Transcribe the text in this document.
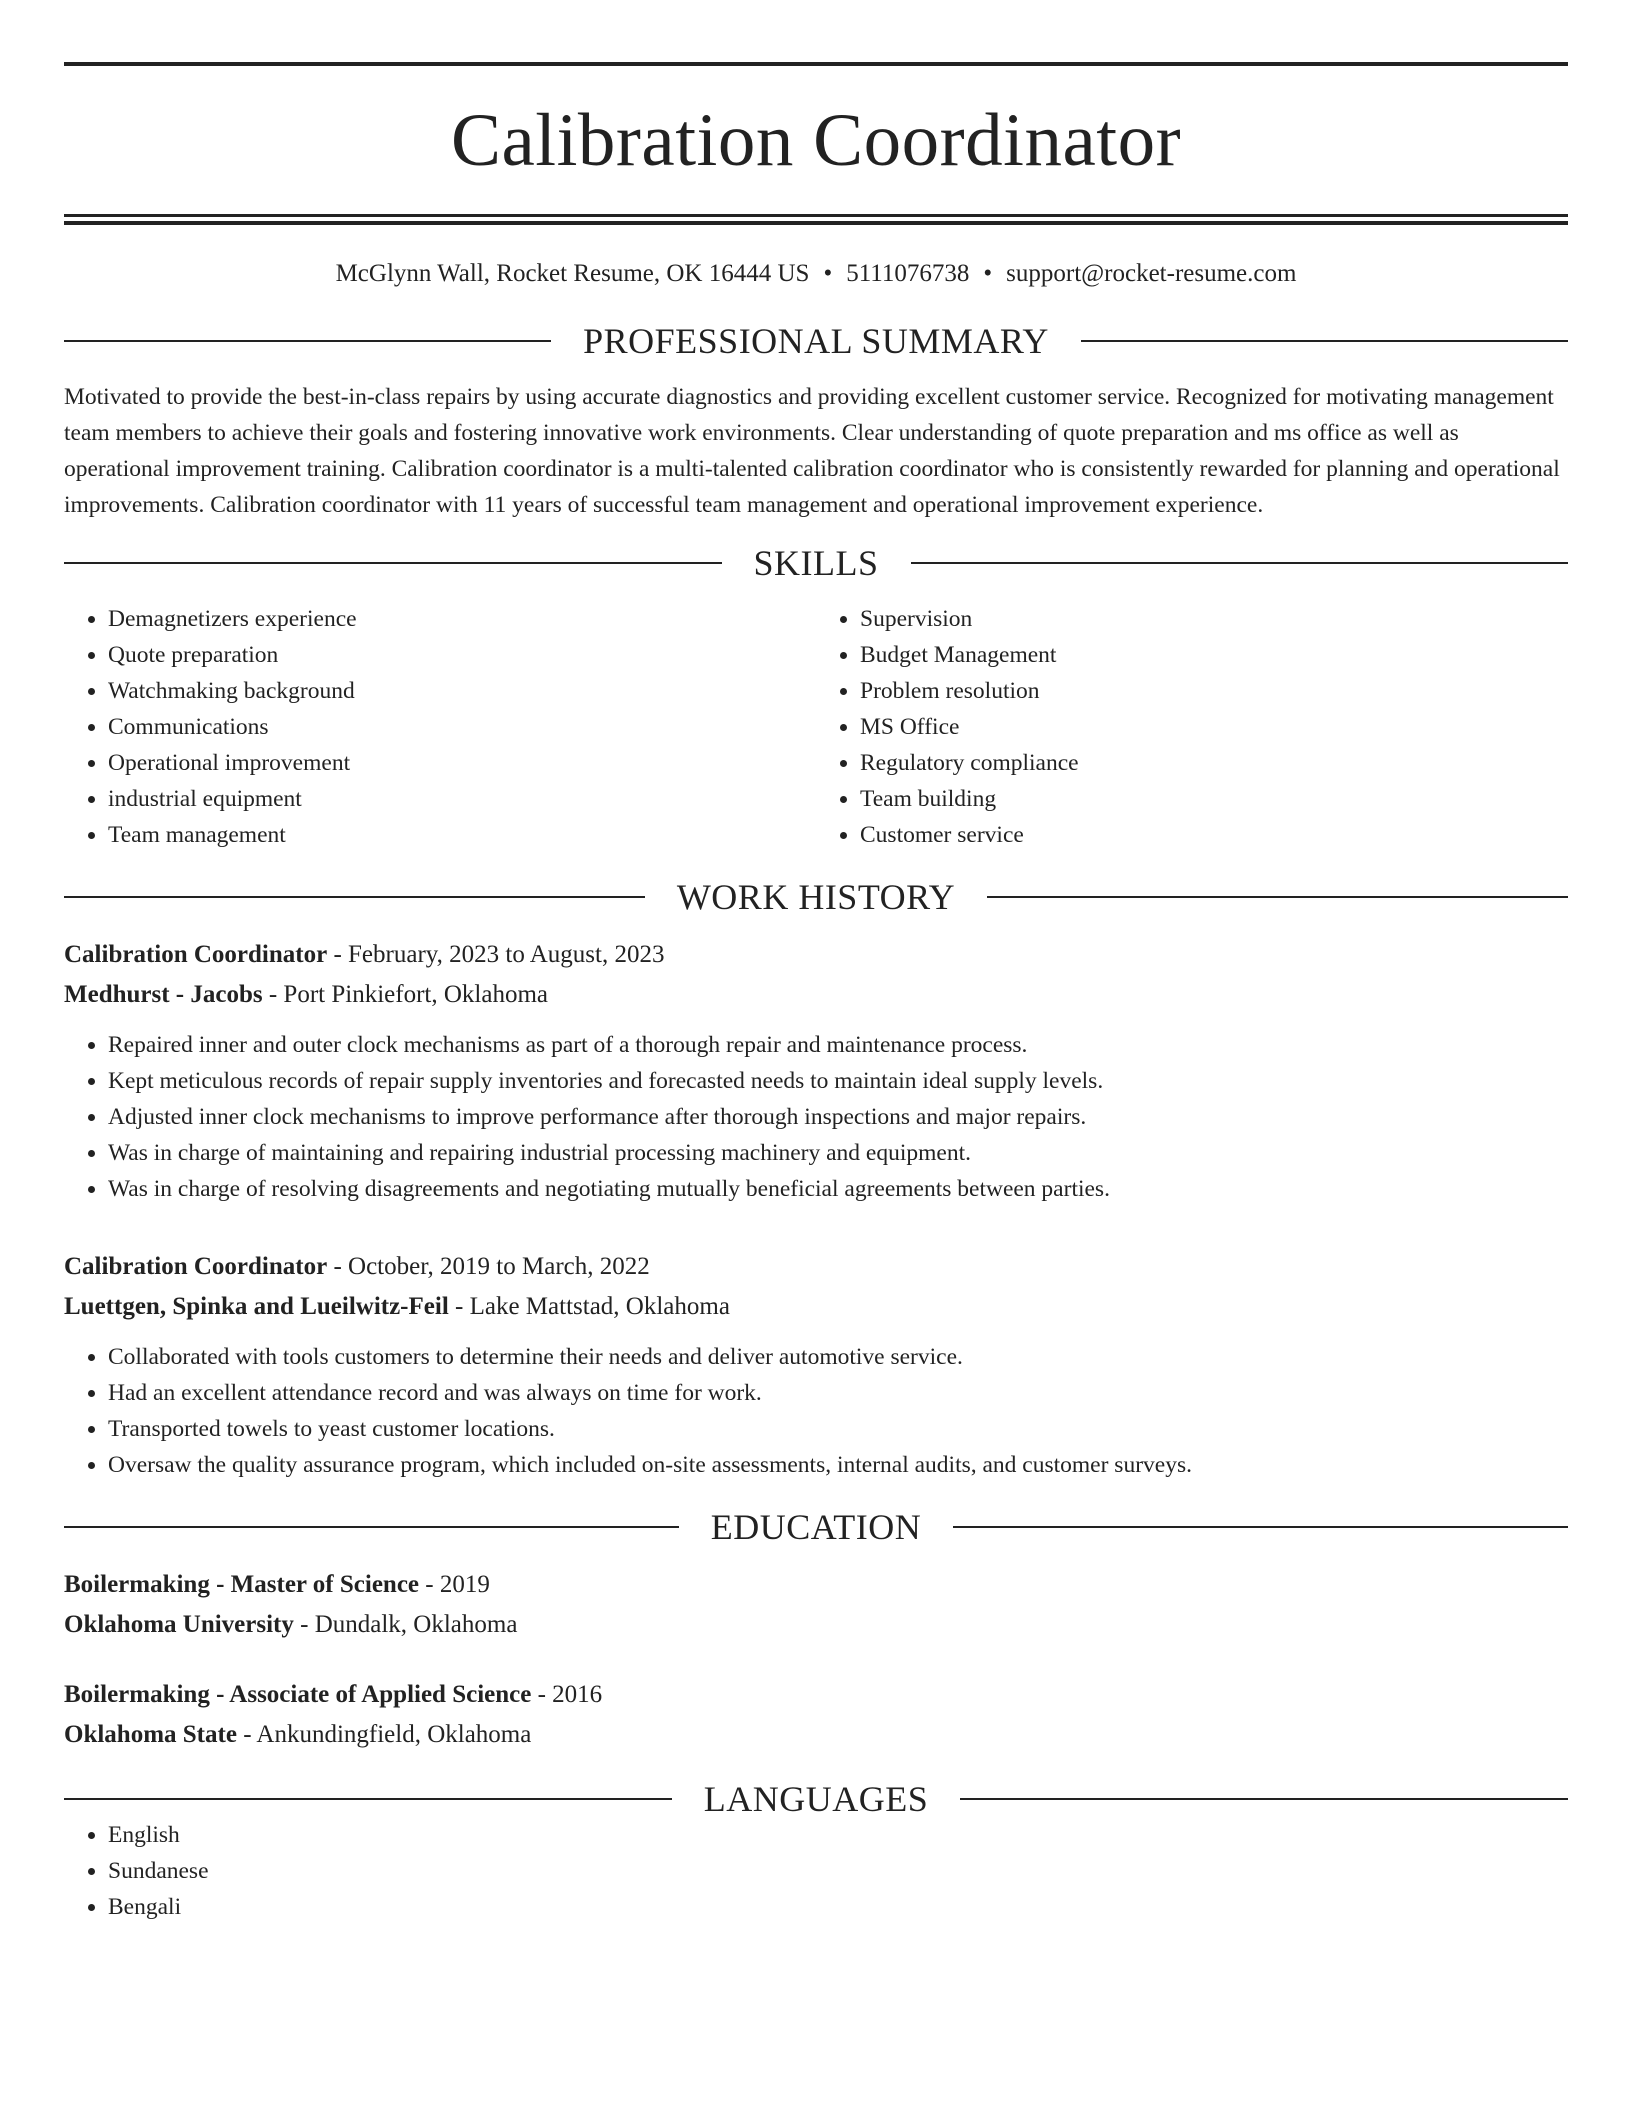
Calibration Coordinator
McGlynn Wall, Rocket Resume, OK 16444 US • 5111076738 • support@rocket-resume.com
PROFESSIONAL SUMMARY

Motivated to provide the best-in-class repairs by using accurate diagnostics and providing excellent customer service. Recognized for motivating management team members to achieve their goals and fostering innovative work environments. Clear understanding of quote preparation and ms office as well as operational improvement training. Calibration coordinator is a multi-talented calibration coordinator who is consistently rewarded for planning and operational improvements. Calibration coordinator with 11 years of successful team management and operational improvement experience.

SKILLS
• Demagnetizers experience
• Quote preparation
• Watchmaking background
• Communications
• Operational improvement
• industrial equipment
• Team management
• Supervision
• Budget Management
• Problem resolution
• MS Office
• Regulatory compliance
• Team building
• Customer service
WORK HISTORY
Calibration Coordinator - February, 2023 to August, 2023
Medhurst - Jacobs - Port Pinkiefort, Oklahoma
• Repaired inner and outer clock mechanisms as part of a thorough repair and maintenance process.
• Kept meticulous records of repair supply inventories and forecasted needs to maintain ideal supply levels.
• Adjusted inner clock mechanisms to improve performance after thorough inspections and major repairs.
• Was in charge of maintaining and repairing industrial processing machinery and equipment.
• Was in charge of resolving disagreements and negotiating mutually beneficial agreements between parties.
Calibration Coordinator - October, 2019 to March, 2022
Luettgen, Spinka and Lueilwitz-Feil - Lake Mattstad, Oklahoma
• Collaborated with tools customers to determine their needs and deliver automotive service.
• Had an excellent attendance record and was always on time for work.
• Transported towels to yeast customer locations.
• Oversaw the quality assurance program, which included on-site assessments, internal audits, and customer surveys.
EDUCATION
Boilermaking - Master of Science - 2019
Oklahoma University - Dundalk, Oklahoma
Boilermaking - Associate of Applied Science - 2016
Oklahoma State - Ankundingfield, Oklahoma
LANGUAGES
• English
• Sundanese
• Bengali
